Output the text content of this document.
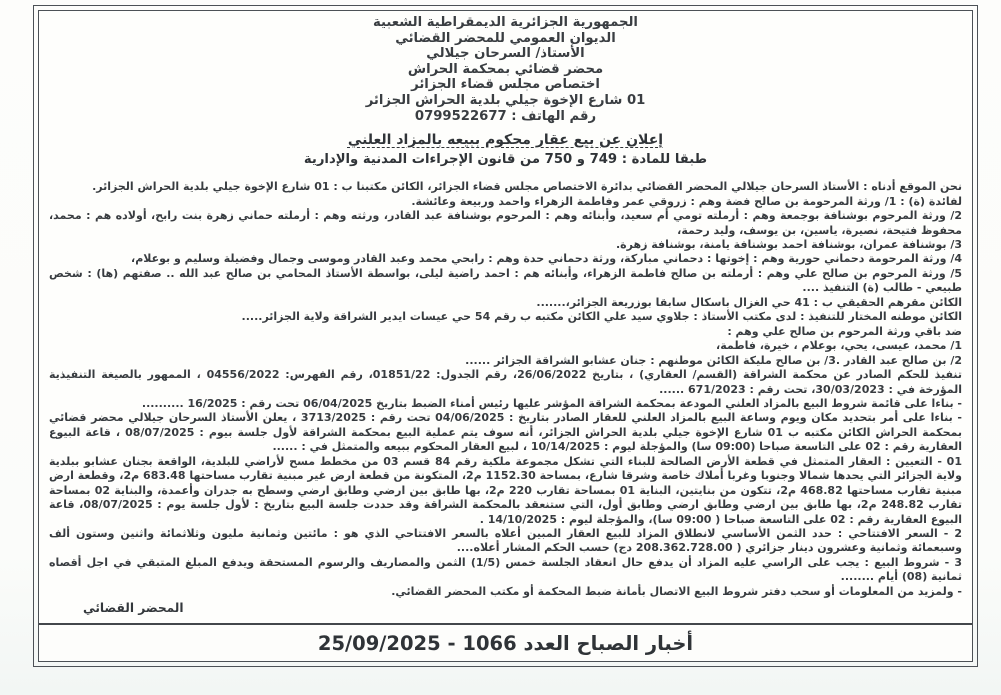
الجمهورية الجزائرية الديمقراطية الشعبية
الديوان العمومي للمحضر القضائي
الأستاذ/ السرحان جيلالي
محضر قضائي بمحكمة الحراش
اختصاص مجلس قضاء الجزائر
01 شارع الإخوة جيلي بلدية الحراش الجزائر
رقم الهاتف : 0799522677
إعلان عن بيع عقار محكوم ببيعه بالمزاد العلني
طبقا للمادة : 749 و 750 من قانون الإجراءات المدنية والإدارية

نحن الموقع أدناه : الأستاذ السرحان جيلالي المحضر القضائي بدائرة الاختصاص مجلس قضاء الجزائر، الكائن مكتبنا ب : 01 شارع الإخوة جيلي بلدية الحراش الجزائر.

لفائدة (ة) : 1/ ورثة المرحومة بن صالح فضة وهم : زروقي عمر وفاطمة الزهراء واحمد وربيعة وعائشة.

2/ ورثة المرحوم بوشنافة بوجمعة وهم : أرملته تومي أم سعيد، وأبنائه وهم : المرحوم بوشنافة عبد القادر، ورثته وهم : أرملته حماني زهرة بنت رابح، أولاده هم : محمد، محفوظ فتيحة، نصيرة، ياسين، بن يوسف، وليد رحمة،

3/ بوشنافة عمران، بوشنافة احمد بوشنافة يامنة، بوشنافة زهرة.

4/ ورثة المرحومة دحماني حورية وهم : إخوتها : دحماني مباركة، ورثة دحماني حدة وهم : رابحي محمد وعبد القادر وموسى وجمال وفضيلة وسليم و بوعلام،

5/ ورثة المرحوم بن صالح علي وهم : أرملته بن صالح فاطمة الزهراء، وأبنائه هم : احمد راضية ليلى، بواسطة الأستاذ المحامي بن صالح عبد الله .. صفتهم (ها) : شخص طبيعي - طالب (ة) التنفيذ ....

الكائن مقرهم الحقيقي ب : 41 حي الغزال باسكال سابقا بوزريعة الجزائر،.......

الكائن موطنه المختار للتنفيذ : لدى مكتب الأستاذ : جلاوي سيد علي الكائن مكتبه ب رقم 54 حي عيسات ايدير الشراقة ولاية الجزائر.....

ضد باقي ورثة المرحوم بن صالح علي وهم :

1/ محمد، عيسى، يحي، بوعلام ، خيرة، فاطمة،

2/ بن صالح عبد القادر .3/ بن صالح مليكة الكائن موطنهم : جنان عشابو الشراقة الجزائر ......

تنفيذ للحكم الصادر عن محكمة الشراقة (القسم/ العقاري) ، بتاريخ 26/06/2022، رقم الجدول: 01851/22، رقم الفهرس: 04556/2022 ، الممهور بالصيغة التنفيذية المؤرخة في : 30/03/2023، تحت رقم : 671/2023 ......

- بناءا على قائمة شروط البيع بالمزاد العلني المودعة بمحكمة الشراقة المؤشر عليها رئيس أمناء الضبط بتاريخ 06/04/2025 تحت رقم : 16/2025 ..........

- بناءا على أمر بتحديد مكان ويوم وساعة البيع بالمزاد العلني للعقار الصادر بتاريخ : 04/06/2025 تحت رقم : 3713/2025 ، يعلن الأستاذ السرحان جيلالي محضر قضائي بمحكمة الحراش الكائن مكتبه ب 01 شارع الإخوة جيلي بلدية الحراش الجزائر، أنه سوف يتم عملية البيع بمحكمة الشراقة لأول جلسة بيوم : 08/07/2025 ، قاعة البيوع العقارية رقم : 02 على التاسعة صباحا (09:00 سا) والمؤجلة ليوم : 10/14/2025 ، لبيع العقار المحكوم ببيعه والمتمثل في : ......

01 - التعيين : العقار المتمثل في قطعة الأرض الصالحة للبناء التي تشكل مجموعة ملكية رقم 84 قسم 03 من مخطط مسح لأراضي للبلدية، الواقعة بجنان عشابو ببلدية ولاية الجزائر التي يحدها شمالا وجنوبا وغربا أملاك خاصة وشرقا شارع، بمساحة 1152.30 م2، المتكونة من قطعة ارض غير مبنية تقارب مساحتها 683.48 م2، وقطعة ارض مبنية تقارب مساحتها 468.82 م2، تتكون من بنايتين، البناية 01 بمساحة تقارب 220 م2، بها طابق بين ارضي وطابق ارضي وسطح به جدران وأعمدة، والبناية 02 بمساحة تقارب 248.82 م2، بها طابق بين ارضي وطابق ارضي وطابق أول، التي ستنعقد بالمحكمة الشراقة وقد حددت جلسة البيع بتاريخ : لأول جلسة يوم : 08/07/2025، قاعة البيوع العقارية رقم : 02 على التاسعة صباحا ( 09:00 سا)، والمؤجلة ليوم : 14/10/2025 .

2 - السعر الافتتاحي : حدد الثمن الأساسي لانطلاق المزاد للبيع العقار المبين أعلاه بالسعر الافتتاحي الذي هو : مائتين وثمانية مليون وثلاثمائة واثنين وستون ألف وسبعمائة وثمانية وعشرون دينار جزائري ( 208.362.728.00 دج) حسب الحكم المشار أعلاه....

3 - شروط البيع : يجب على الراسي عليه المزاد أن يدفع حال انعقاد الجلسة خمس (1/5) الثمن والمصاريف والرسوم المستحقة ويدفع المبلغ المتبقي في اجل أقصاه ثمانية (08) أيام ........

- ولمزيد من المعلومات أو سحب دفتر شروط البيع الاتصال بأمانة ضبط المحكمة أو مكتب المحضر القضائي.

المحضر القضائي
أخبار الصباح العدد 1066 - 25/09/2025
